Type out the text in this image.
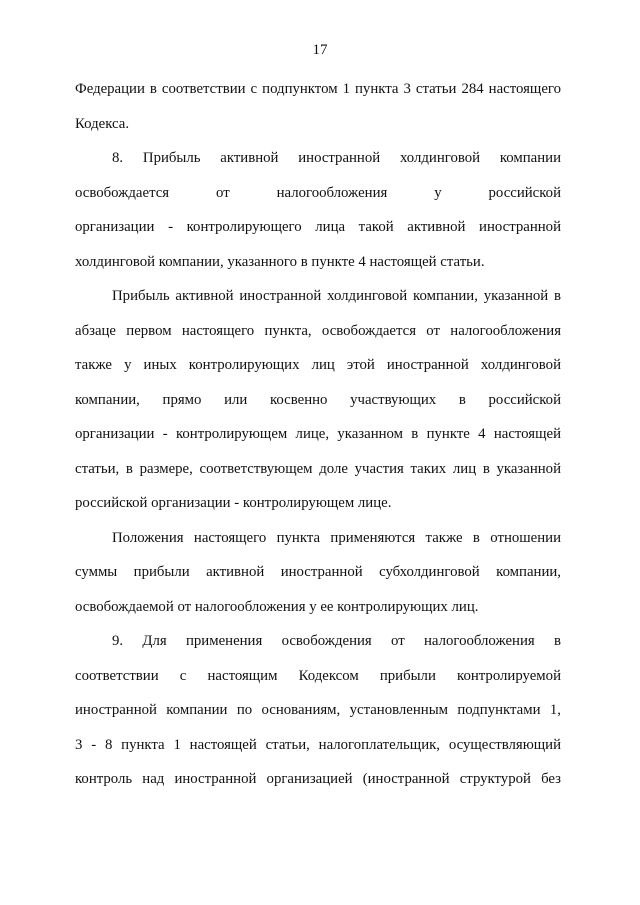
17
Федерации в соответствии с подпунктом 1 пункта 3 статьи 284 настоящего
Кодекса.
8. Прибыль активной иностранной холдинговой компании
освобождается от налогообложения у российской
организации - контролирующего лица такой активной иностранной
холдинговой компании, указанного в пункте 4 настоящей статьи.
Прибыль активной иностранной холдинговой компании, указанной в
абзаце первом настоящего пункта, освобождается от налогообложения
также у иных контролирующих лиц этой иностранной холдинговой
компании, прямо или косвенно участвующих в российской
организации - контролирующем лице, указанном в пункте 4 настоящей
статьи, в размере, соответствующем доле участия таких лиц в указанной
российской организации - контролирующем лице.
Положения настоящего пункта применяются также в отношении
суммы прибыли активной иностранной субхолдинговой компании,
освобождаемой от налогообложения у ее контролирующих лиц.
9. Для применения освобождения от налогообложения в
соответствии с настоящим Кодексом прибыли контролируемой
иностранной компании по основаниям, установленным подпунктами 1,
3 - 8 пункта 1 настоящей статьи, налогоплательщик, осуществляющий
контроль над иностранной организацией (иностранной структурой без
